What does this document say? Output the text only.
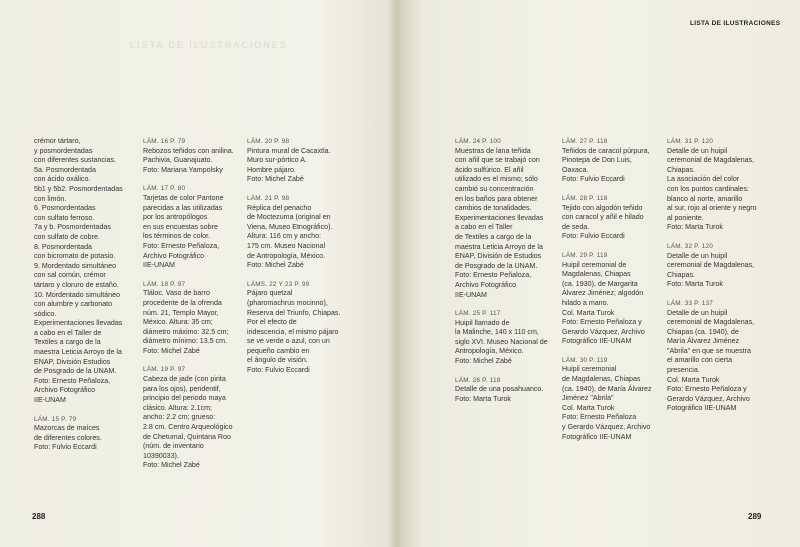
LISTA DE ILUSTRACIONES
LISTA DE ILUSTRACIONES
crémor tártaro,
y posmordentadas
con diferentes sustancias.
5a. Posmordentada
con ácido oxálico.
5b1 y 5b2. Posmordentadas
con limón.
6. Posmordentadas
con sulfato ferroso.
7a y b. Posmordentadas
con sulfato de cobre.
8. Posmordentada
con bicromato de potasio.
9. Mordentado simultáneo
con sal común, crémor
tártaro y cloruro de estaño.
10. Mordentado simultáneo
con alumbre y carbonato
sódico.
Experimentaciones llevadas
a cabo en el Taller de
Textiles a cargo de la
maestra Leticia Arroyo de la
ENAP, División Estudios
de Posgrado de la UNAM.
Foto: Ernesto Peñaloza,
Archivo Fotográfico
IIE-UNAM
LÁM. 15 P. 79
Mazorcas de maíces
de diferentes colores.
Foto: Fulvio Eccardi
LÁM. 16 P. 79
Rebozos teñidos con anilina.
Pachivia, Guanajuato.
Foto: Mariana Yampolsky
LÁM. 17 P. 80
Tarjetas de color Pantone
parecidas a las utilizadas
por los antropólogos
en sus encuestas sobre
los términos de color.
Foto: Ernesto Peñaloza,
Archivo Fotográfico
IIE-UNAM
LÁM. 18 P. 97
Tláloc. Vaso de barro
procedente de la ofrenda
núm. 21, Templo Mayor,
México. Altura: 35 cm;
diámetro máximo: 32.5 cm;
diámetro mínimo: 13.5 cm.
Foto: Michel Zabé
LÁM. 19 P. 97
Cabeza de jade (con pirita
para los ojos), pendentif,
principio del periodo maya
clásico. Altura: 2.1cm;
ancho: 2.2 cm; grueso:
2.8 cm. Centro Arqueológico
de Chetumal, Quintana Roo
(núm. de inventario
10390033).
Foto: Michel Zabé
LÁM. 20 P. 98
Pintura mural de Cacaxtla.
Muro sur-pórtico A.
Hombre pájaro.
Foto: Michel Zabé
LÁM. 21 P. 98
Réplica del penacho
de Moctezuma (original en
Viena, Museo Etnográfico).
Altura: 116 cm y ancho:
175 cm. Museo Nacional
de Antropología, México.
Foto: Michel Zabé
LÁMS. 22 Y 23 P. 99
Pájaro quetzal
(pharomachrus mocinno),
Reserva del Triunfo, Chiapas.
Por el efecto de
iridescencia, el mismo pájaro
se ve verde o azul, con un
pequeño cambio en
el ángulo de visión.
Foto: Fulvio Eccardi
LÁM. 24 P. 100
Muestras de lana teñida
con añil que se trabajó con
ácido sulfúrico. El añil
utilizado es el mismo; sólo
cambió su concentración
en los baños para obtener
cambios de tonalidades.
Experimentaciones llevadas
a cabo en el Taller
de Textiles a cargo de la
maestra Leticia Arroyo de la
ENAP, División de Estudios
de Posgrado de la UNAM.
Foto: Ernesto Peñaloza,
Archivo Fotográfico
IIE-UNAM
LÁM. 25 P. 117
Huipil llamado de
la Malinche, 140 x 110 cm,
siglo XVI. Museo Nacional de
Antropología, México.
Foto: Michel Zabé
LÁM. 26 P. 118
Detalle de una posahuanco.
Foto: Marta Turok
LÁM. 27 P. 118
Teñidos de caracol púrpura,
Pinotepa de Don Luis,
Oaxaca.
Foto: Fulvio Eccardi
LÁM. 28 P. 118
Tejido con algodón teñido
con caracol y añil e hilado
de seda.
Foto: Fulvio Eccardi
LÁM. 29 P. 119
Huipil ceremonial de
Magdalenas, Chiapas
(ca. 1930), de Margarita
Álvarez Jiménez; algodón
hilado a mano.
Col. Marta Turok
Foto: Ernesto Peñaloza y
Gerardo Vázquez, Archivo
Fotográfico IIE-UNAM
LÁM. 30 P. 119
Huipil ceremonial
de Magdalenas, Chiapas
(ca. 1940), de María Álvarez
Jiménez "Abrila"
Col. Marta Turok
Foto: Ernesto Peñaloza
y Gerardo Vázquez, Archivo
Fotográfico IIE-UNAM
LÁM. 31 P. 120
Detalle de un huipil
ceremonial de Magdalenas,
Chiapas.
La asociación del color
con los puntos cardinales:
blanco al norte, amarillo
al sur, rojo al oriente y negro
al poniente.
Foto: Marta Turok
LÁM. 32 P. 120
Detalle de un huipil
ceremonial de Magdalenas,
Chiapas.
Foto: Marta Turok
LÁM. 33 P. 137
Detalle de un huipil
ceremonial de Magdalenas,
Chiapas (ca. 1940), de
María Álvarez Jiménez
"Abrila" en que se muestra
el amarillo con cierta
presencia.
Col. Marta Turok
Foto: Ernesto Peñaloza y
Gerardo Vázquez, Archivo
Fotográfico IIE-UNAM
288	289
